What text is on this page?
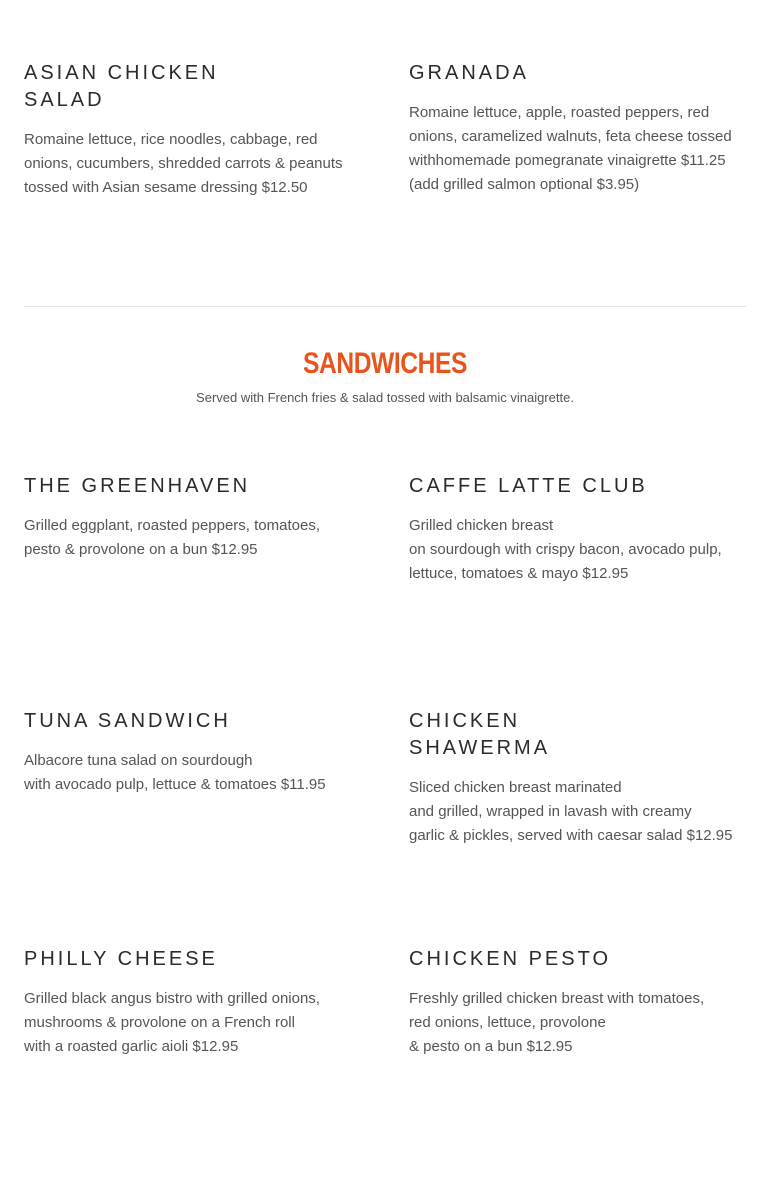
ASIAN CHICKEN
SALAD

Romaine lettuce, rice noodles, cabbage, red
onions, cucumbers, shredded carrots & peanuts
tossed with Asian sesame dressing $12.50

GRANADA

Romaine lettuce, apple, roasted peppers, red
onions, caramelized walnuts, feta cheese tossed
withhomemade pomegranate vinaigrette $11.25
(add grilled salmon optional $3.95)

SANDWICHES
Served with French fries & salad tossed with balsamic vinaigrette.
THE GREENHAVEN

Grilled eggplant, roasted peppers, tomatoes,
pesto & provolone on a bun $12.95

CAFFE LATTE CLUB

Grilled chicken breast
on sourdough with crispy bacon, avocado pulp,
lettuce, tomatoes & mayo $12.95

TUNA SANDWICH

Albacore tuna salad on sourdough
with avocado pulp, lettuce & tomatoes $11.95

CHICKEN
SHAWERMA

Sliced chicken breast marinated
and grilled, wrapped in lavash with creamy
garlic & pickles, served with caesar salad $12.95

PHILLY CHEESE

Grilled black angus bistro with grilled onions,
mushrooms & provolone on a French roll
with a roasted garlic aioli $12.95

CHICKEN PESTO

Freshly grilled chicken breast with tomatoes,
red onions, lettuce, provolone
& pesto on a bun $12.95
